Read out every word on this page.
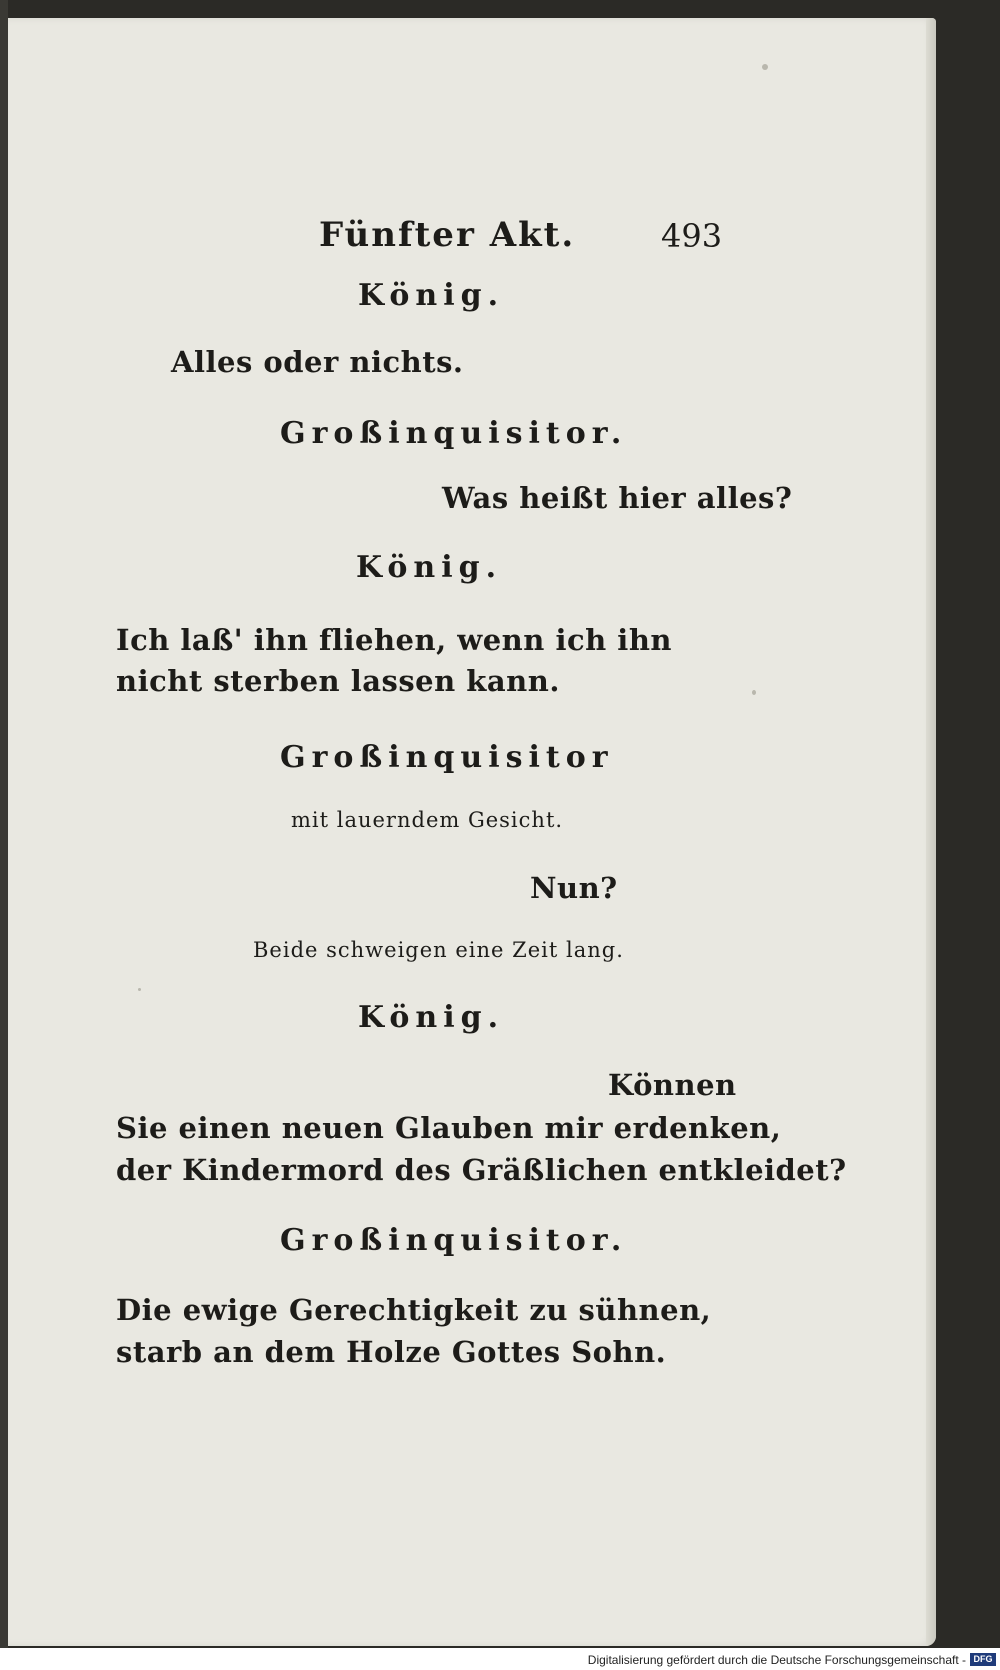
Fünfter Akt.	493

König.

Alles oder nichts.

Großinquisitor.

Was heißt hier alles?

König.

Ich laß' ihn fliehen, wenn ich ihn

nicht sterben lassen kann.

Großinquisitor

mit lauerndem Gesicht.

Nun?

Beide schweigen eine Zeit lang.

König.

Können

Sie einen neuen Glauben mir erdenken,

der Kindermord des Gräßlichen entkleidet?

Großinquisitor.

Die ewige Gerechtigkeit zu sühnen,

starb an dem Holze Gottes Sohn.

Digitalisierung gefördert durch die Deutsche Forschungsgemeinschaft - DFG
